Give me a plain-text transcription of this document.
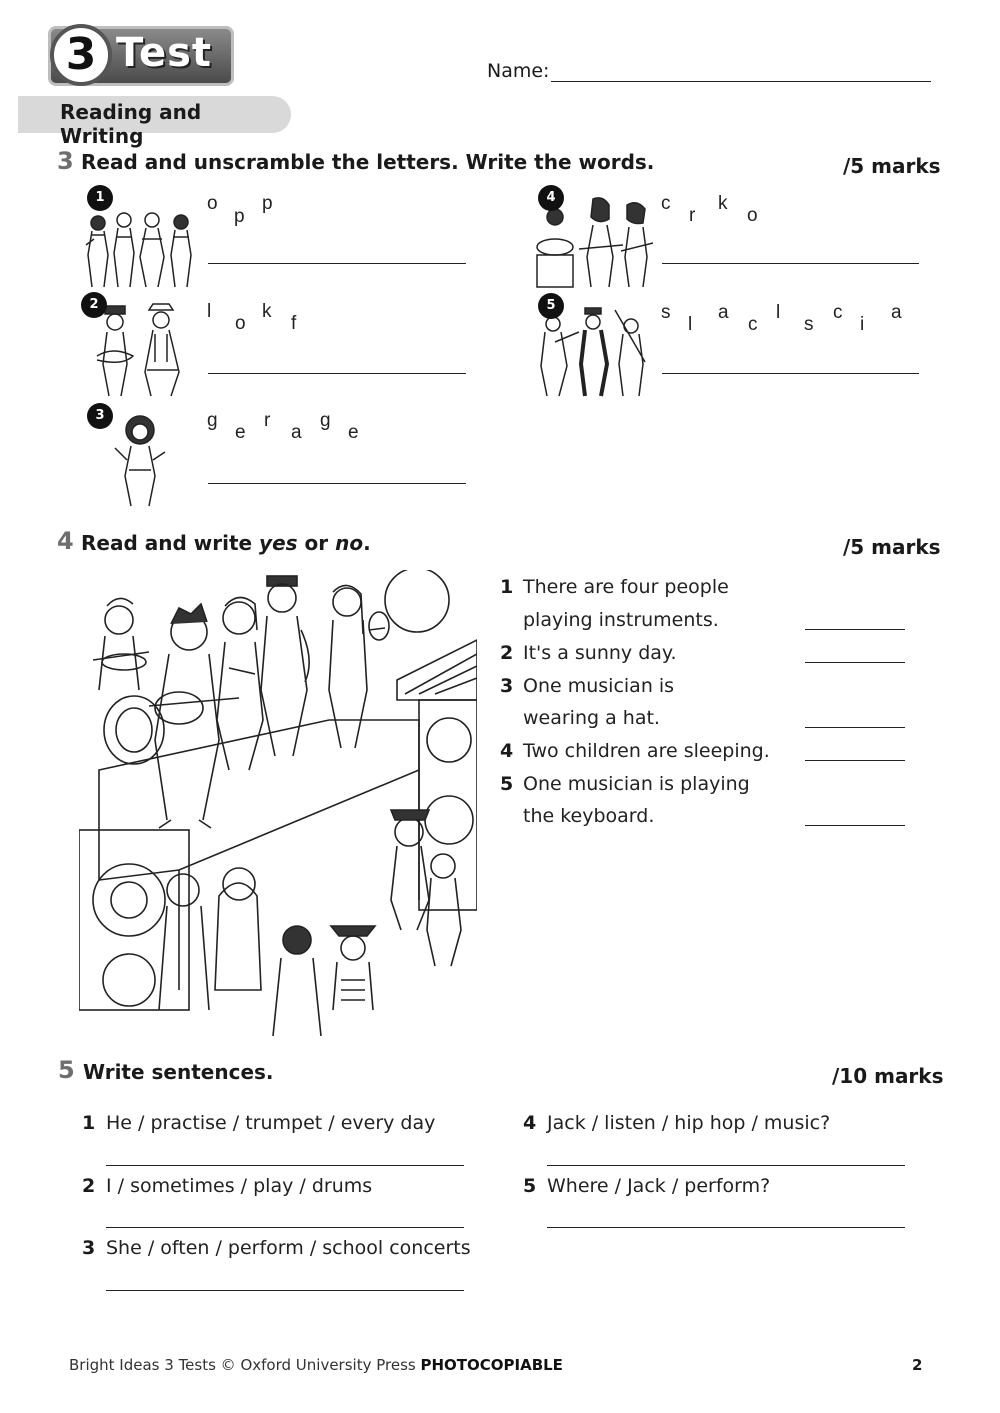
3 Test	Name:
Reading and Writing
3 Read and unscramble the letters. Write the words.	/5 marks
1	o
p
p
2	l
o
k
f
3	g
e
r
a
g
e
4	c
r
k
o
5	s
l
a
c
l
s
c
i
a
4 Read and write yes or no.	/5 marks
1 There are four people
playing instruments.
2 It's a sunny day.
3 One musician is
wearing a hat.
4 Two children are sleeping.
5 One musician is playing
the keyboard.
5 Write sentences.	/10 marks
1 He / practise / trumpet / every day
2 I / sometimes / play / drums
3 She / often / perform / school concerts
4 Jack / listen / hip hop / music?
5 Where / Jack / perform?
Bright Ideas 3 Tests © Oxford University Press PHOTOCOPIABLE	2
